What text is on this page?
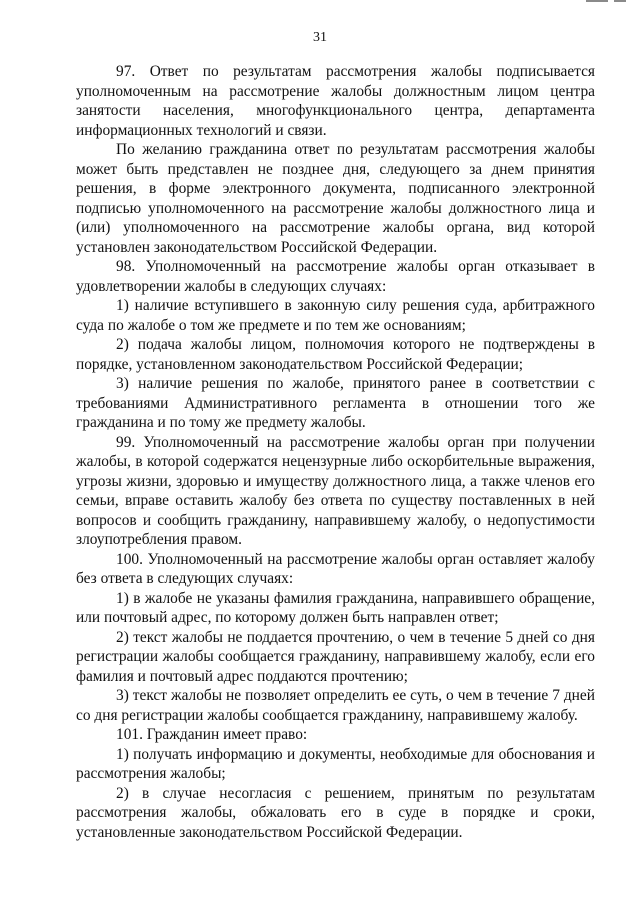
31

97. Ответ по результатам рассмотрения жалобы подписывается уполномоченным на рассмотрение жалобы должностным лицом центра занятости населения, многофункционального центра, департамента информационных технологий и связи.

По желанию гражданина ответ по результатам рассмотрения жалобы может быть представлен не позднее дня, следующего за днем принятия решения, в форме электронного документа, подписанного электронной подписью уполномоченного на рассмотрение жалобы должностного лица и (или) уполномоченного на рассмотрение жалобы органа, вид которой установлен законодательством Российской Федерации.

98. Уполномоченный на рассмотрение жалобы орган отказывает в удовлетворении жалобы в следующих случаях:

1) наличие вступившего в законную силу решения суда, арбитражного суда по жалобе о том же предмете и по тем же основаниям;

2) подача жалобы лицом, полномочия которого не подтверждены в порядке, установленном законодательством Российской Федерации;

3) наличие решения по жалобе, принятого ранее в соответствии с требованиями Административного регламента в отношении того же гражданина и по тому же предмету жалобы.

99. Уполномоченный на рассмотрение жалобы орган при получении жалобы, в которой содержатся нецензурные либо оскорбительные выражения, угрозы жизни, здоровью и имуществу должностного лица, а также членов его семьи, вправе оставить жалобу без ответа по существу поставленных в ней вопросов и сообщить гражданину, направившему жалобу, о недопустимости злоупотребления правом.

100. Уполномоченный на рассмотрение жалобы орган оставляет жалобу без ответа в следующих случаях:

1) в жалобе не указаны фамилия гражданина, направившего обращение, или почтовый адрес, по которому должен быть направлен ответ;

2) текст жалобы не поддается прочтению, о чем в течение 5 дней со дня регистрации жалобы сообщается гражданину, направившему жалобу, если его фамилия и почтовый адрес поддаются прочтению;

3) текст жалобы не позволяет определить ее суть, о чем в течение 7 дней со дня регистрации жалобы сообщается гражданину, направившему жалобу.

101. Гражданин имеет право:

1) получать информацию и документы, необходимые для обоснования и рассмотрения жалобы;

2) в случае несогласия с решением, принятым по результатам рассмотрения жалобы, обжаловать его в суде в порядке и сроки, установленные законодательством Российской Федерации.
